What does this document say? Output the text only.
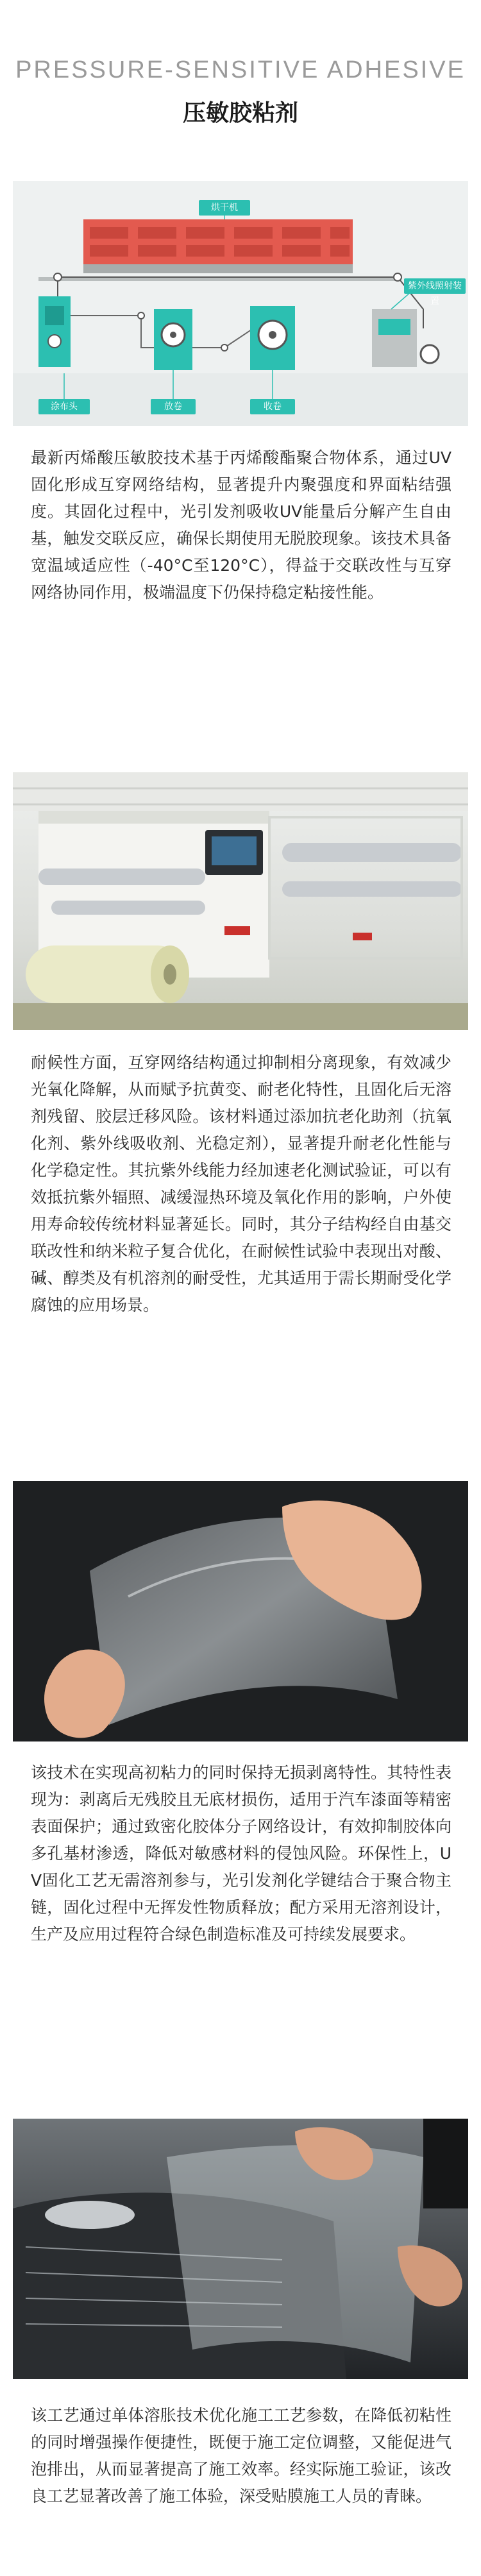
PRESSURE-SENSITIVE ADHESIVE
压敏胶粘剂
烘干机
紫外线照射装置
涂布头	放卷	收卷

最新丙烯酸压敏胶技术基于丙烯酸酯聚合物体系，通过UV固化形成互穿网络结构，显著提升内聚强度和界面粘结强度。其固化过程中，光引发剂吸收UV能量后分解产生自由基，触发交联反应，确保长期使用无脱胶现象。该技术具备宽温域适应性（-40°C至120°C），得益于交联改性与互穿网络协同作用，极端温度下仍保持稳定粘接性能。

耐候性方面，互穿网络结构通过抑制相分离现象，有效减少光氧化降解，从而赋予抗黄变、耐老化特性，且固化后无溶剂残留、胶层迁移风险。该材料通过添加抗老化助剂（抗氧化剂、紫外线吸收剂、光稳定剂），显著提升耐老化性能与化学稳定性。其抗紫外线能力经加速老化测试验证，可以有效抵抗紫外辐照、减缓湿热环境及氧化作用的影响，户外使用寿命较传统材料显著延长。同时，其分子结构经自由基交联改性和纳米粒子复合优化，在耐候性试验中表现出对酸、碱、醇类及有机溶剂的耐受性，尤其适用于需长期耐受化学腐蚀的应用场景。

该技术在实现高初粘力的同时保持无损剥离特性。其特性表现为：剥离后无残胶且无底材损伤，适用于汽车漆面等精密表面保护；通过致密化胶体分子网络设计，有效抑制胶体向多孔基材渗透，降低对敏感材料的侵蚀风险。环保性上，UV固化工艺无需溶剂参与，光引发剂化学键结合于聚合物主链，固化过程中无挥发性物质释放；配方采用无溶剂设计，生产及应用过程符合绿色制造标准及可持续发展要求。

该工艺通过单体溶胀技术优化施工工艺参数，在降低初粘性的同时增强操作便捷性，既便于施工定位调整，又能促进气泡排出，从而显著提高了施工效率。经实际施工验证，该改良工艺显著改善了施工体验，深受贴膜施工人员的青睐。
